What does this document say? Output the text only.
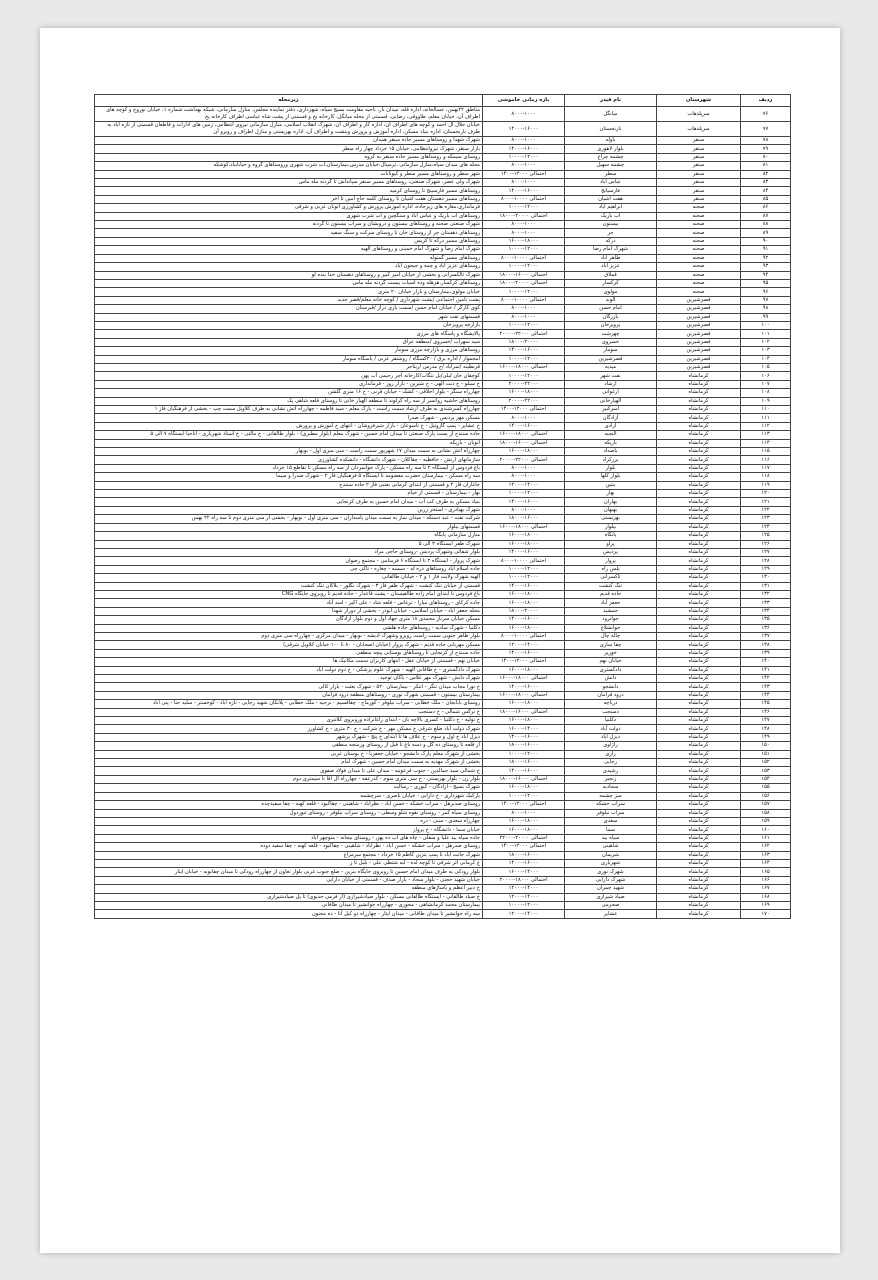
ردیف	شهرستان	نام فیدر	بازه زمانی خاموشی	زیرمحله
۷۶	سرپلذهاب	میانگل	۸۰۰۰-۱۰۰۰	مناطق ۲۲بهمن، عسالخانه، اداره قله، میدان بار، ناحیه مقاومت بسیج سپاه، شهرداری، دفتر نماینده مجلس، منازل سازمانی، شبکه بهداشت شماره ۱، خیابان نوروج و کوچه های اطراف آن، خیابان معلم، طاووقی، رضایی، قسمتی از محله میانگل، کارخانه یخ و قسمتی از پشت شاه عباسی اطراف کارخانه یخ
۷۷	سرپلذهاب	نارنجستان	۱۴۰۰۰-۱۶۰۰۰	خیابان جلال آل احمد و کوچه های اطراف آن، اداره کار و اطراف آن، شهرک انقلاب اسلامی، منازل سازمانی نیروی انتظامی، زمین های ادارات و قاطعان قسمتی از تازه آباد به طرف نارنجستان، اداره بنیاد مسکن، اداره آموزش و پرورش وبنشت و اطراف آن، اداره بهزیستی و منازل اطراف و روبرو آن
۷۸	سنقر	باوله	۸۰۰۰-۱۰۰۰	شهرک شهدا و روستاهای مسیر جاده سنقر همدان
۷۹	سنقر	بلوار لاهوری	۱۴۰۰۰-۱۶۰۰۰	بازار سنقر، شهرک نیروانتظامی، خیابان ۱۵ خرداد چهار راه سطر
۸۰	سنقر	چشمه چراغ	۱۰۰۰۰-۱۲۰۰۰	روستای سیمکه و روستاهای مسیر جاده سنقر به کروه
۸۱	سنقر	چشمه سهیل	۸۰۰۰-۱۰۰۰	محله های میدان سپاه،منازل سازمانی ،ترمینال،خیابان مدرس،بیمارستان،اب شرب شهری وروستاهای گروه و خیابانباد،کوشکه
۸۲	سنقر	سطر	احتمالی ۱۲۰۰۰-۱۴۰۰	شهر سطر و روستاهای مسیر سطر و کیوناتات
۸۳	سنقر	عباس آباد	۸۰۰۰-۱۰۰۰	شهرک ولی عصر، شهرک صنعتی، روستاهای مسیر سنقر سپانداش تا گردنه مله ماس
۸۴	سنقر	فارسیانج	۱۴۰۰۰-۱۶۰۰۰	روستاهای مسیر فارسینج تا روستای کرمید
۸۵	سنقر	هفت آشیان	احتمالی ۱۰۰۰۰-۸۰۰۰	روستاهای مسیر دهستان هفت اشیان تا روستای کلمه حاج امین تا اخر
۸۶	صحنه	ابراهیم آباد	۱۰۰۰۰-۱۲۰۰۰	فرمانداری،مغازه های زیرجاده، اداره آموزش پرورش و کشاورزی اتوبان غربی و شرقی
۸۷	صحنه	آب باریک	احتمالی ۲۰۰۰۰-۱۸۰۰۰	روستاهای آب باریک و عباس آباد و سنگچین و اب شرب شهری
۸۸	صحنه	بیستون	۸۰۰۰-۱۰۰۰	شهرک صنعتی صحنه و روستاهای بیستون و درویشان و سراب بیستون تا گردنه
۸۹	صحنه	جر	۸۰۰۰-۱۰۰۰	روستاهای دهستان جر از روستای خان تا روستای سرکت و سنگ سفید
۹۰	صحنه	درکه	۱۶۰۰۰-۱۸۰۰۰	روستاهای مسیر درکه تا کریس
۹۱	صحنه	شهرک امام رضا	۱۰۰۰۰-۱۲۰۰۰	شهرک امام رضا و شهرک امام خمینی و روستاهای الهیه
۹۲	صحنه	طاهر آباد	احتمالی ۱۰۰۰۰-۸۰۰۰	روستاهای مسیر گمتوله
۹۳	صحنه	عزیز آباد	۱۰۰۰۰-۱۲۰۰۰	روستاهای عزیز اباد و چمه و جیجون اباد
۹۴	صحنه	قملاق	احتمالی ۱۶۰۰۰-۱۸۰۰۰	شهرک ثالکسرانی و بخشی از خیابان امیر کبیر و روستاهای دهستان خدا بنده لو
۹۵	صحنه	کرکسار	احتمالی ۲۰۰۰۰-۱۸۰۰۰	روستاهای کرکسار،هرهله وده اسیاب بیست گردنه مله ماس
۹۶	صحنه	مولوی	۱۰۰۰۰-۱۲۰۰۰	خیابان مولوی،بیمارستان و بازار خیابان ۲۰ متری
۹۷	قصرشیرین	الوند	احتمالی ۱۰۰۰۰-۸۰۰۰	پشت تامین اجتماعی /پشت شهرداری / کوچه خانه معلم/قصر جدید
۹۸	قصرشیرین	امام حسن	۸۰۰۰-۱۰۰۰	کوی کارگر / خیابان امام حسن /سمت بازی دراز /قبرستان
۹۹	قصرشیرین	بازرگان	۸۰۰۰-۱۰۰۰	قسمتهای نفت شهر
۱۰۰	قصرشیرین	پرویزخان	۱۰۰۰۰-۱۲۰۰۰	بازارچه پرویزخان
۱۰۱	قصرشیرین	چهرشت	احتمالی ۲۲۰۰۰-۲۰۰۰۰	پالایشگاه و پاسگاه های مرزی
۱۰۲	قصرشیرین	خسروی	۱۸۰۰۰-۲۰۰۰۰	سید سهراب /خسروی /منطقه عراق
۱۰۳	قصرشیرین	سومار	۱۴۰۰۰-۱۶۰۰۰	روستاهای مرزی و بازارچه مرزی سومار
۱۰۴	قصرشیرین	قصرشیرین	۱۰۰۰۰-۱۲۰۰۰	امجموار / اداره برق / ۲۰کسگاه / روشنفر عربی / پاسگاه سومار
۱۰۵	قصرشیرین	میدیه	احتمالی ۱۸۰۰۰-۱۶۰۰۰	قرنطینه /تمرآباد /ج مدرس /ریتاجر
۱۰۶	کرمانشاه	نفت شهر	۱۰۰۰۰-۱۲۰۰۰	کوچقان خان لیلی/پل تنگاب/کارخانه آجر رحیمی آب پهن
۱۰۷	کرمانشاه	ارشاد	۲۰۰۰۰-۲۲۰۰۰	خ سیلو - ج دنت الهی - ج شیرین - بازار روز - فرمانداری
۱۰۸	کرمانشاه	ارغوانی	۱۶۰۰۰-۱۸۰۰۰	چهارراه سنگر - بلوار اخلاقی - کشک - خیابان قرنی - خ ۱۶ متری گلشن
۱۰۹	کرمانشاه	الهیارخانی	۲۰۰۰۰-۲۲۰۰۰	روستاهای حاشیه روانسر از سه راه کرلوند تا منطقه الهیار خانی تا روستای قلعه شاهی پک
۱۱۰	کرمانشاه	امیرکبیر	احتمالی ۱۲۰۰۰-۱۴۰۰	چهارراه کسرشندی به طرف ارشاد سمت راست - پارک معلم - سید فاطمه - چهارراه آتش نشانی به طرف کلاویل سمت چپ - بخشی از فرهنگیان فاز ۱
۱۱۱	کرمانشاه	آزادگان	۸۰۰۰-۱۰۰۰	مسکن مهر پردیس - شهرک صدرا
۱۱۲	کرمانشاه	آزادی	۱۴۰۰۰-۱۶۰۰۰	خ عشایر - پمپ گازوئیل - خ تاسوعان - بازار شیرفروشان - انتهای خ آموزش و پرورش
۱۱۳	کرمانشاه	آلنجیه	احتمالی ۱۸۰۰۰-۱۶۰۰۰	جاده سنندج از پست پارک صنعتی تا میدان امام حسین - شهرک معلم (بلوار مطبری) - بلوار طالقانی - خ مالتی - خ استاد شهریاری - آناحیا ایستگاه ۷ الی ۵
۱۱۴	کرمانشاه	باریکه	احتمالی ۱۶۰۰۰-۱۸۰۰۰	اتوبان - باریکه
۱۱۵	کرمانشاه	باصداد	۱۶۰۰۰-۱۸۰۰۰	چهارراه آتش نشانی به سمت میدان ۱۷ شهریور سمت راست - سی متری اول - نوبهار
۱۱۶	کرمانشاه	برزکراد	احتمالی ۲۲۰۰۰-۲۰۰۰۰	سازمانهای ارتش - حافظیه - چقاکلان - شهرک دانشگاه - دانشکده کشاورزی
۱۱۷	کرمانشاه	بلوار	۸۰۰۰-۱۰۰۰	باغ فردوس از ایستگاه ۲ تا سه راه مسکن - پارک جوانمردان از سه راه مسکن تا تقاطع ۱۵ خرداد
۱۱۸	کرمانشاه	بلوار کلها	۸۰۰۰-۱۰۰۰	سه راه مسکن - بیمارستان حضرت معصومه تا ایستگاه ۵ فرهنگیان فاز ۲ - شهرک صدرا و سیما
۱۱۹	کرمانشاه	بنتین	۱۲۰۰۰-۱۴۰۰۰	جاغاران فاز ۲ و قسمتی از ابتدای کرمانی بعتبی فاز ۲ جاده سنندج
۱۲۰	کرمانشاه	بهار	۱۰۰۰۰-۱۲۰۰۰	بهار - بیمارستان - قسمتی از خیام
۱۲۱	کرمانشاه	بهاران	۱۴۰۰۰-۱۶۰۰۰	بنیاد مسکن به طرف کب آب - میدان امام حسین به طرف کرنجایی
۱۲۲	کرمانشاه	بهبهان	۸۰۰۰-۱۰۰۰	شهرک بهبادری - استخر زرین
۱۲۳	کرمانشاه	بهزیستی	۱۸۰۰۰-۱۶۰۰۰	شرکت نفت - عبد دستکه - میدان نماز به سمت میدان پاسداران - سی متری اول - نوبهار - بخشی از سی متری دوم تا سه راه ۲۲ بهمن
۱۲۴	کرمانشاه	بیلوار	احتمالی ۱۸۰۰۰-۱۶۰۰۰	قسمتهای بیلوار
۱۲۵	کرمانشاه	پانگاه	۱۶۰۰۰-۱۸۰۰۰	منازل سازمانی پایگاه
۱۲۶	کرمانشاه	پراو	۱۶۰۰۰-۱۸۰۰۰	شهرک ظفر ایستگاه ۳ الی ۵
۱۲۷	کرمانشاه	پردیس	۱۴۰۰۰-۱۶۰۰۰	بلوار شفائی وشهرک پردیس -روستای حاجی مراد
۱۲۸	کرمانشاه	پروار	احتمالی ۱۰۰۰۰-۸۰۰۰	شهرک پروار - ایستگاه ۲ تا ایستگاه ۶ فرمنامی - مجتمع رضوان
۱۲۹	کرمانشاه	پلس راه	۱۰۰۰۰-۱۲۰۰۰	جاده اسلام آباد روستاهای دره له - سیسه - چغاره - تاکی چی
۱۳۰	کرمانشاه	تاکسرانی	۱۰۰۰۰-۱۲۰۰۰	الهیه شهرک ولایت فاز ۱ و ۲ - خیابان طالقانی
۱۳۱	کرمانشاه	تنگ کنشت	۱۴۰۰۰-۱۶۰۰۰	قسمتی از خیابان تنگ کنشت - شهرک ظفر فاز ۳ - شهرک نگلور - بلاکان تنگ کنشت
۱۳۲	کرمانشاه	جاده قدیم	۱۶۰۰۰-۱۸۰۰۰	باغ فردوس تا ابتدای امام زاده طالقیستان - پشت قاعدار - جاده قدیم تا روبروی جایگاه CNG
۱۳۳	کرمانشاه	جعفر آباد	۱۶۰۰۰-۱۸۰۰۰	جاده کرکای - روستاهای میارا - ترغاس - قلعه شاد - علی اکبر - اسد آباد
۱۳۴	کرمانشاه	جمشید	۱۸۰۰۰-۲۰۰۰۰	محله جعفر آباد - خیابان اسلامی - خیابان ابوذر - بخشی از دوراز شهدا
۱۳۵	کرمانشاه	جوانرود	۱۴۰۰۰-۱۶۰۰۰	مسکن خیابان سرباز محمدی ۱۸ متری جهاد اول و دوم بلوار آزادگان
۱۳۶	کرمانشاه	جوانشلاغ	۱۶۰۰۰-۱۸۰۰۰	دکلنیا - شهرک سادیه - روستاهای جاده هلشی
۱۳۷	کرمانشاه	چاله چال	احتمالی ۱۰۰۰۰-۸۰۰۰	بلوار طاهر جنوبی سمت راست روبرو وشهرک ادیشه - نوبهار - میدان مرکزی - چهارراه سی متری دوم
۱۳۸	کرمانشاه	چقا سازی	۱۲۰۰۰-۱۴۰۰۰	مسکن مهربانی جاده قدیم - شهرک پروار (خیابان اصحابان - ۸۰ تا ۱۰۰ خیابان کلاویل شرقی)
۱۳۹	کرمانشاه	خوریر	۱۴۰۰۰-۱۶۰۰۰	جاده سنندج از کرنجایی تا روستاهای بوستانی پیچه منطقی
۱۴۰	کرمانشاه	خیابان نهم	احتمالی ۱۲۰۰۰-۱۴۰۰	خیابان نهم - قسمتی از خیابان عقل - انتهای کاربران سمت مکانیک ها
۱۴۱	کرمانشاه	دادکستری	۱۶۰۰۰-۱۸۰۰۰	شهرک دادگستری - خ طاقانی الهیه - شهرک علوم پزشکی - خ دوم دولت آباد
۱۴۲	کرمانشاه	دانش	احتمالی ۱۸۰۰۰-۱۶۰۰۰	شهرک دانش - شهرک مهر غلاس - باکان توحید
۱۴۳	کرمانشاه	دانشجو	۱۴۰۰۰-۱۶۰۰۰	خ نورا مجاب میدان تنگر - انتکر - بیمارستان ۵۲۰ - شهرک بعثت - بازار کالی
۱۴۴	کرمانشاه	درود فرامان	احتمالی ۱۸۰۰۰-۱۶۰۰۰	بیمارستان بیستون - قسمتی شهرک نوری - روستاهای منطقه درود فرامان
۱۴۵	کرمانشاه	دریاچه	۱۶۰۰۰-۱۸۰۰۰	روستای بابانجان - ملک خطابی - سراب نیلوفر - کوزماج - چقاقسیم - نرجیه - ملک خطابی - پلانکان شهید رجایی - تازه آباد - کوخستر - سلید جنا - پنی آباد
۱۴۶	کرمانشاه	دستجب	احتمالی ۱۶۰۰۰-۱۸۰۰۰	خ نرگس شمالی - خ دستجب
۱۴۷	کرمانشاه	دکلنیا	۱۶۰۰۰-۱۸۰۰۰	خ تولیه - خ دکلنیا - کسری بالاچه بان - ابتدای زاغانزاده وروبروی کلانتری
۱۴۸	کرمانشاه	دولت آباد	۱۶۰۰۰-۱۴۰۰۰	شهرک دولت آباد ضلع شرقی خ مسکن مهر - خ شرکت - خ ۳۰ متری - خ کشاورز
۱۴۹	کرمانشاه	دیزل آباد	۱۴۰۰۰-۱۶۰۰۰	دیزل آباد خ اول و سوم - خ علاف ها تا ابتدای خ پنج - شهرک پرشهر
۱۵۰	کرمانشاه	راژاوی	۱۸۰۰۰-۱۶۰۰۰	از قلعه تا روستای ده گل و دسه باغ تا قبل از روستای ورمنجه منطقی
۱۵۱	کرمانشاه	رازی	۱۰۰۰۰-۱۲۰۰۰	بخشی از شهرک معلم پارک دانشجو - خیابان جعفریا - خ بوستان غربی
۱۵۲	کرمانشاه	رجایی	۱۸۰۰۰-۱۶۰۰۰	بخشی از شهرک مهدیه به سمت میدان امام حسین - شهرک امام
۱۵۳	کرمانشاه	رشیدی	۱۴۰۰۰-۱۶۰۰۰	خ شمالی سید جمالدین - جنوب فرعونیه - میدان علی تا میدان فولاد صفوی
۱۵۴	کرمانشاه	زنجیر	احتمالی ۱۶۰۰۰-۱۸۰۰۰	بلوار زن - بلوار بهزیستی - خ سی متری سوم - کدرعفه - چهارراه آل آقا تا سیمتری دوم
۱۵۵	کرمانشاه	سجادیه	۱۶۰۰۰-۱۸۰۰۰	شهرک بسیج - آزادگان - کیوری - رسالت
۱۵۶	کرمانشاه	سر چشمه	۱۰۰۰۰-۱۲۰۰۰	بازکیک شهرداری - خ دارابی - خیابان ناصری - سرچشمه
۱۵۷	کرمانشاه	سراب خشکه	احتمالی ۱۲۰۰۰-۱۴۰۰	روستای صدبرهل - سراب خشکه - حسن آباد - نظرآباد - شاهینی - چقاکبود - قلعه کهنه - چقا سفیدچده
۱۵۸	کرمانشاه	سراب نیلوفر	۸۰۰۰-۱۰۰۰	روستای سیاه کمر - روستای نقوه شلو وسطی - روستای سراب نیلوفر - روستای تنوردول
۱۵۹	کرمانشاه	سعدی	۱۶۰۰۰-۱۸۰۰۰	چهارراه سعدی - سنی - دره
۱۶۰	کرمانشاه	سما	۱۶۰۰۰-۱۸۰۰۰	خیابان سما - دانشگاه - خ پرواز
۱۶۱	کرمانشاه	سیاه بید	احتمالی ۲۰۰۰۰-۲۲۰۰۰	جاده سیاه بید علیا و سفلی - چاه های آب ده پهن - روستای بیجانه - منوچهر آباد
۱۶۲	کرمانشاه	شاهینی	احتمالی ۱۲۰۰۰-۱۴۰۰	روستای صدرهل - سراب خشکه - حسن آباد - نظرآباد - شاهینی - چقاکبود - قلعه کهنه - چقا سفید دوده
۱۶۳	کرمانشاه	شریمان	۱۸۰۰۰-۱۶۰۰۰	شهرک جانت آباد تا پمپ بنزین کاظم ۱۵ خرداد - مجتمع سرمزاع
۱۶۴	کرمانشاه	شهریاری	۱۴۰۰۰-۱۶۰۰۰	ع کرمانی اثر شرقی تا کوچه لده - لبه شتطی علی - بلبل تا ز
۱۶۵	کرمانشاه	شهرک نوری	۱۶۰۰۰-۱۴۰۰۰	بلوار رودکی به طرف میدان امام حسین تا روبروی جایگاه بنزین - ضلع جنوب غربی بلوار تعاون از چهارراه رودکی تا میدان چقانوبه - خیابان ایثار
۱۶۶	کرمانشاه	شهرک دارایی	احتمالی ۱۸۰۰۰-۲۰۰۰۰	خیابان شهید حجتی - بلوار سجاد - بازار صدف - قسمتی از خیابان دارایی
۱۶۷	کرمانشاه	شهید چمران	۱۲۰۰۰-۱۴۰۰۰	خ دبیر اعظم و پاساژهای منطقه
۱۶۸	کرمانشاه	صیاد شیرازی	۱۲۰۰۰-۱۴۰۰۰	خ صیاد طالقانی - ایستگاه طالقانی مسکن - بلوار صیادشیرازی (از فرمی حدیوی) تا پل صیادشیرازی
۱۶۹	کرمانشاه	صحرمی	۱۰۰۰۰-۱۲۰۰۰	بیمارستان محمد کرمانشاهی - محوری - چهارراه جوانشیر تا میدان طاقانی
۱۷۰	کرمانشاه	عشایر	۱۲۰۰۰-۱۴۰۰۰	سه راه جوانشیر تا میدان طاقانی - میدان ایثار - چهارراه دو کیل آتا - ده مجنون
